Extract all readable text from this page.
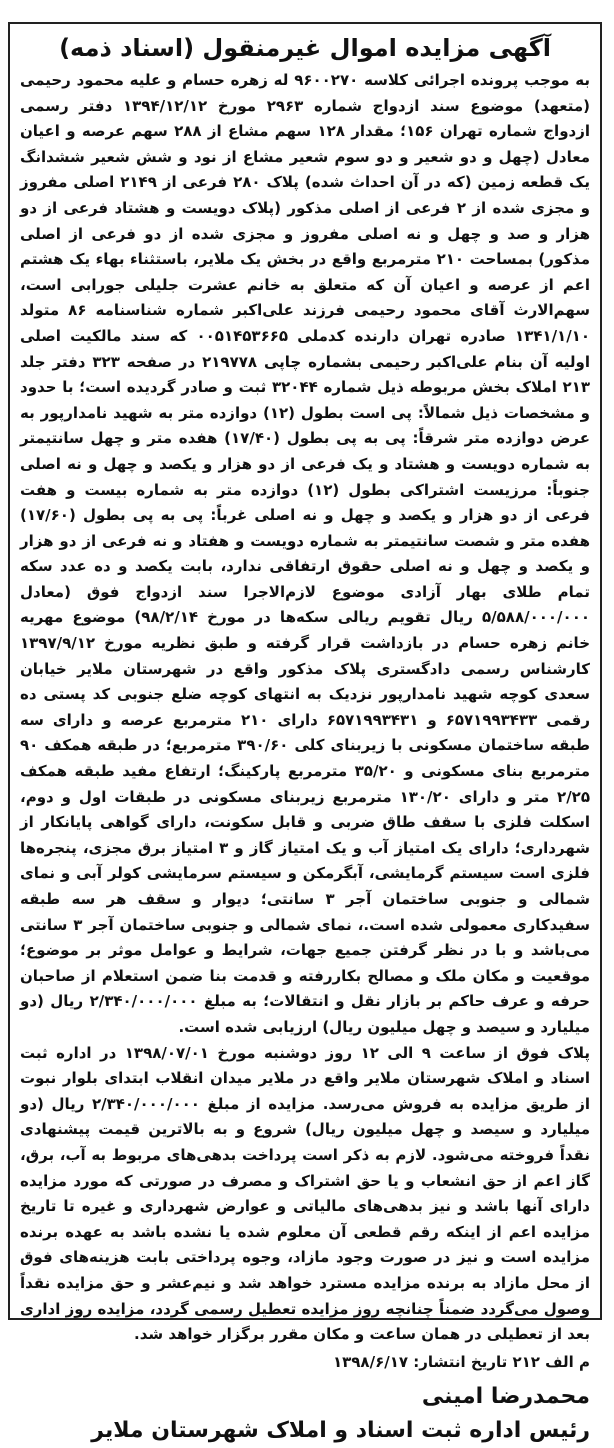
آگهی مزایده اموال غیرمنقول (اسناد ذمه)

به موجب پرونده اجرائی کلاسه ۹۶۰۰۲۷۰ له زهره حسام و علیه محمود رحیمی (متعهد) موضوع سند ازدواج شماره ۲۹۶۳ مورخ ۱۳۹۴/۱۲/۱۲ دفتر رسمی ازدواج شماره تهران ۱۵۶؛ مقدار ۱۲۸ سهم مشاع از ۲۸۸ سهم عرصه و اعیان معادل (چهل و دو شعیر و دو سوم شعیر مشاع از نود و شش شعیر ششدانگ یک قطعه زمین (که در آن احداث شده) پلاک ۲۸۰ فرعی از ۲۱۴۹ اصلی مفروز و مجزی شده از ۲ فرعی از اصلی مذکور (پلاک دویست و هشتاد فرعی از دو هزار و صد و چهل و نه اصلی مفروز و مجزی شده از دو فرعی از اصلی مذکور) بمساحت ۲۱۰ مترمربع واقع در بخش یک ملایر، باستثناء بهاء یک هشتم اعم از عرصه و اعیان آن که متعلق به خانم عشرت جلیلی جورابی است، سهم‌الارث آقای محمود رحیمی فرزند علی‌اکبر شماره شناسنامه ۸۶ متولد ۱۳۴۱/۱/۱۰ صادره تهران دارنده کدملی ۰۰۵۱۴۵۳۶۶۵ که سند مالکیت اصلی اولیه آن بنام علی‌اکبر رحیمی بشماره چاپی ۲۱۹۷۷۸ در صفحه ۳۲۳ دفتر جلد ۲۱۳ املاک بخش مربوطه ذیل شماره ۳۲۰۴۴ ثبت و صادر گردیده است؛ با حدود و مشخصات ذیل شمالاً: پی است بطول (۱۲) دوازده متر به شهید نامدارپور به عرض دوازده متر شرقاً: پی به پی بطول (۱۷/۴۰) هفده متر و چهل سانتیمتر به شماره دویست و هشتاد و یک فرعی از دو هزار و یکصد و چهل و نه اصلی جنوباً: مرزیست اشتراکی بطول (۱۲) دوازده متر به شماره بیست و هفت فرعی از دو هزار و یکصد و چهل و نه اصلی غرباً: پی به پی بطول (۱۷/۶۰) هفده متر و شصت سانتیمتر به شماره دویست و هفتاد و نه فرعی از دو هزار و یکصد و چهل و نه اصلی حقوق ارتفاقی ندارد، بابت یکصد و ده عدد سکه تمام طلای بهار آزادی موضوع لازم‌الاجرا سند ازدواج فوق (معادل ۵/۵۸۸/۰۰۰/۰۰۰ ریال تقویم ریالی سکه‌ها در مورخ ۹۸/۲/۱۴) موضوع مهریه خانم زهره حسام در بازداشت قرار گرفته و طبق نظریه مورخ ۱۳۹۷/۹/۱۲ کارشناس رسمی دادگستری پلاک مذکور واقع در شهرستان ملایر خیابان سعدی کوچه شهید نامدارپور نزدیک به انتهای کوچه ضلع جنوبی کد پستی ده رقمی ۶۵۷۱۹۹۳۴۳۳ و ۶۵۷۱۹۹۳۴۳۱ دارای ۲۱۰ مترمربع عرصه و دارای سه طبقه ساختمان مسکونی با زیربنای کلی ۳۹۰/۶۰ مترمربع؛ در طبقه همکف ۹۰ مترمربع بنای مسکونی و ۳۵/۲۰ مترمربع پارکینگ؛ ارتفاع مفید طبقه همکف ۲/۲۵ متر و دارای ۱۳۰/۲۰ مترمربع زیربنای مسکونی در طبقات اول و دوم، اسکلت فلزی با سقف طاق ضربی و قابل سکونت، دارای گواهی پایانکار از شهرداری؛ دارای یک امتیاز آب و یک امتیاز گاز و ۳ امتیاز برق مجزی، پنجره‌ها فلزی است سیستم گرمایشی، آبگرمکن و سیستم سرمایشی کولر آبی و نمای شمالی و جنوبی ساختمان آجر ۳ سانتی؛ دیوار و سقف هر سه طبقه سفیدکاری معمولی شده است.، نمای شمالی و جنوبی ساختمان آجر ۳ سانتی می‌باشد و با در نظر گرفتن جمیع جهات، شرایط و عوامل موثر بر موضوع؛ موقعیت و مکان ملک و مصالح بکاررفته و قدمت بنا ضمن استعلام از صاحبان حرفه و عرف حاکم بر بازار نقل و انتقالات؛ به مبلغ ۲/۳۴۰/۰۰۰/۰۰۰ ریال (دو میلیارد و سیصد و چهل میلیون ریال) ارزیابی شده است.

پلاک فوق از ساعت ۹ الی ۱۲ روز دوشنبه مورخ ۱۳۹۸/۰۷/۰۱ در اداره ثبت اسناد و املاک شهرستان ملایر واقع در ملایر میدان انقلاب ابتدای بلوار نبوت از طریق مزایده به فروش می‌رسد. مزایده از مبلغ ۲/۳۴۰/۰۰۰/۰۰۰ ریال (دو میلیارد و سیصد و چهل میلیون ریال) شروع و به بالاترین قیمت پیشنهادی نقداً فروخته می‌شود. لازم به ذکر است پرداخت بدهی‌های مربوط به آب، برق، گاز اعم از حق انشعاب و یا حق اشتراک و مصرف در صورتی که مورد مزایده دارای آنها باشد و نیز بدهی‌های مالیاتی و عوارض شهرداری و غیره تا تاریخ مزایده اعم از اینکه رقم قطعی آن معلوم شده یا نشده باشد به عهده برنده مزایده است و نیز در صورت وجود مازاد، وجوه پرداختی بابت هزینه‌های فوق از محل مازاد به برنده مزایده مسترد خواهد شد و نیم‌عشر و حق مزایده نقداً وصول می‌گردد ضمناً چنانچه روز مزایده تعطیل رسمی گردد، مزایده روز اداری بعد از تعطیلی در همان ساعت و مکان مقرر برگزار خواهد شد.

م الف ۲۱۲ تاریخ انتشار: ۱۳۹۸/۶/۱۷
محمدرضا امینی
رئیس اداره ثبت اسناد و املاک شهرستان ملایر
